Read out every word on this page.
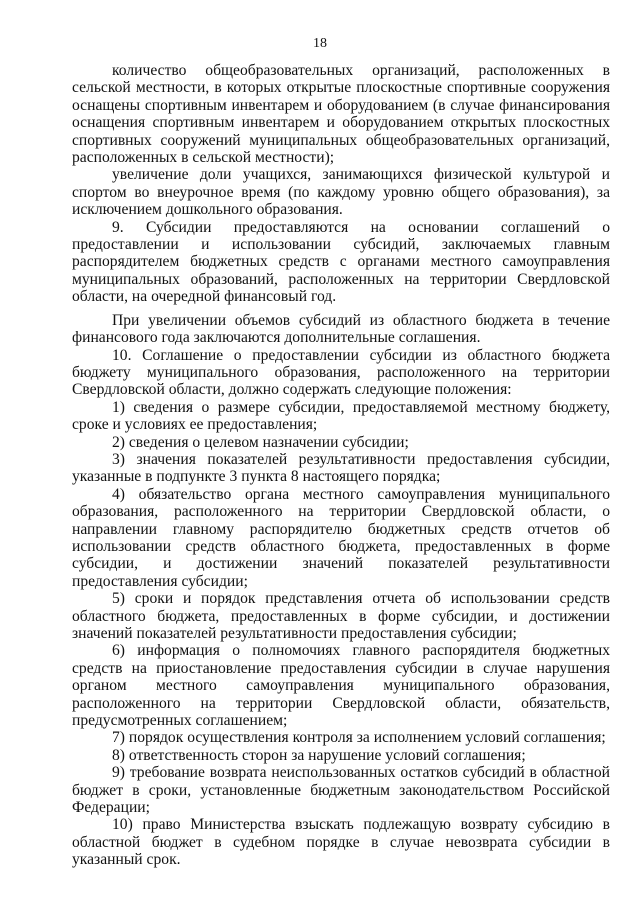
18

количество общеобразовательных организаций, расположенных в сельской местности, в которых открытые плоскостные спортивные сооружения оснащены спортивным инвентарем и оборудованием (в случае финансирования оснащения спортивным инвентарем и оборудованием открытых плоскостных спортивных сооружений муниципальных общеобразовательных организаций, расположенных в сельской местности);

увеличение доли учащихся, занимающихся физической культурой и спортом во внеурочное время (по каждому уровню общего образования), за исключением дошкольного образования.

9. Субсидии предоставляются на основании соглашений о предоставлении и использовании субсидий, заключаемых главным распорядителем бюджетных средств с органами местного самоуправления муниципальных образований, расположенных на территории Свердловской области, на очередной финансовый год.

При увеличении объемов субсидий из областного бюджета в течение финансового года заключаются дополнительные соглашения.

10. Соглашение о предоставлении субсидии из областного бюджета бюджету муниципального образования, расположенного на территории Свердловской области, должно содержать следующие положения:

1) сведения о размере субсидии, предоставляемой местному бюджету, сроке и условиях ее предоставления;

2) сведения о целевом назначении субсидии;

3) значения показателей результативности предоставления субсидии, указанные в подпункте 3 пункта 8 настоящего порядка;

4) обязательство органа местного самоуправления муниципального образования, расположенного на территории Свердловской области, о направлении главному распорядителю бюджетных средств отчетов об использовании средств областного бюджета, предоставленных в форме субсидии, и достижении значений показателей результативности предоставления субсидии;

5) сроки и порядок представления отчета об использовании средств областного бюджета, предоставленных в форме субсидии, и достижении значений показателей результативности предоставления субсидии;

6) информация о полномочиях главного распорядителя бюджетных средств на приостановление предоставления субсидии в случае нарушения органом местного самоуправления муниципального образования, расположенного на территории Свердловской области, обязательств, предусмотренных соглашением;

7) порядок осуществления контроля за исполнением условий соглашения;

8) ответственность сторон за нарушение условий соглашения;

9) требование возврата неиспользованных остатков субсидий в областной бюджет в сроки, установленные бюджетным законодательством Российской Федерации;

10) право Министерства взыскать подлежащую возврату субсидию в областной бюджет в судебном порядке в случае невозврата субсидии в указанный срок.
